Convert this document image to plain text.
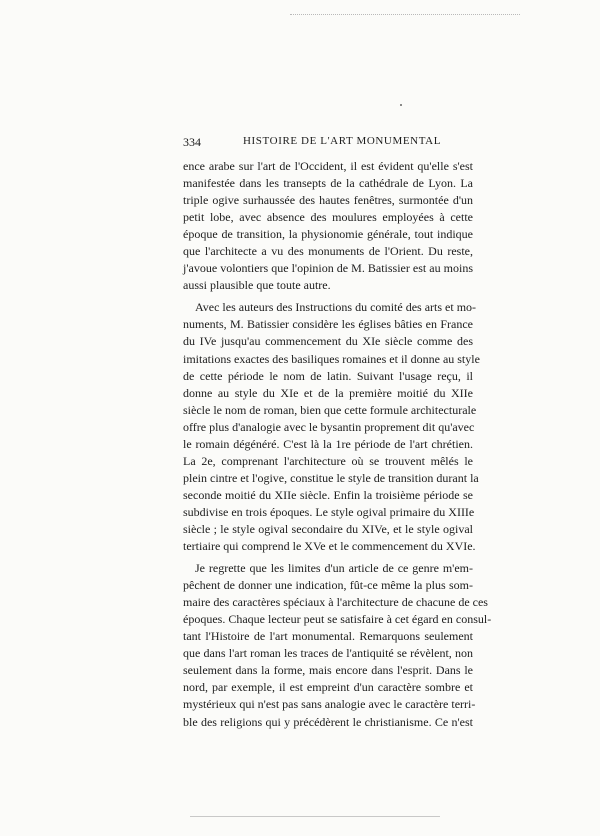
334	HISTOIRE DE L'ART MONUMENTAL
ence arabe sur l'art de l'Occident, il est évident qu'elle s'est
manifestée dans les transepts de la cathédrale de Lyon. La
triple ogive surhaussée des hautes fenêtres, surmontée d'un
petit lobe, avec absence des moulures employées à cette
époque de transition, la physionomie générale, tout indique
que l'architecte a vu des monuments de l'Orient. Du reste,
j'avoue volontiers que l'opinion de M. Batissier est au moins
aussi plausible que toute autre.
Avec les auteurs des Instructions du comité des arts et mo-
numents, M. Batissier considère les églises bâties en France
du IVe jusqu'au commencement du XIe siècle comme des
imitations exactes des basiliques romaines et il donne au style
de cette période le nom de latin. Suivant l'usage reçu, il
donne au style du XIe et de la première moitié du XIIe
siècle le nom de roman, bien que cette formule architecturale
offre plus d'analogie avec le bysantin proprement dit qu'avec
le romain dégénéré. C'est là la 1re période de l'art chrétien.
La 2e, comprenant l'architecture où se trouvent mêlés le
plein cintre et l'ogive, constitue le style de transition durant la
seconde moitié du XIIe siècle. Enfin la troisième période se
subdivise en trois époques. Le style ogival primaire du XIIIe
siècle ; le style ogival secondaire du XIVe, et le style ogival
tertiaire qui comprend le XVe et le commencement du XVIe.
Je regrette que les limites d'un article de ce genre m'em-
pêchent de donner une indication, fût-ce même la plus som-
maire des caractères spéciaux à l'architecture de chacune de ces
époques. Chaque lecteur peut se satisfaire à cet égard en consul-
tant l'Histoire de l'art monumental. Remarquons seulement
que dans l'art roman les traces de l'antiquité se révèlent, non
seulement dans la forme, mais encore dans l'esprit. Dans le
nord, par exemple, il est empreint d'un caractère sombre et
mystérieux qui n'est pas sans analogie avec le caractère terri-
ble des religions qui y précédèrent le christianisme. Ce n'est
